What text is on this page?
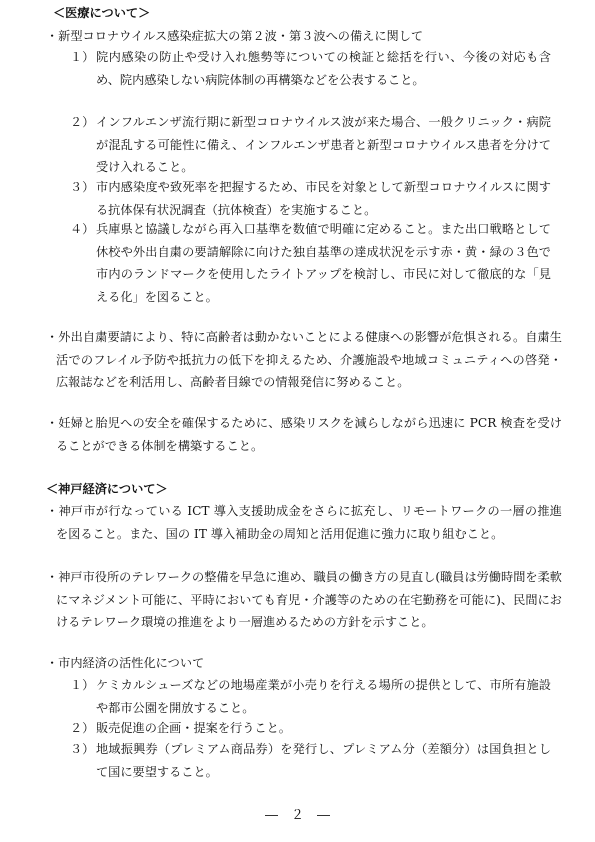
＜医療について＞
・新型コロナウイルス感染症拡大の第２波・第３波への備えに関して
１） 院内感染の防止や受け入れ態勢等についての検証と総括を行い、今後の対応も含め、院内感染しない病院体制の再構築などを公表すること。
２） インフルエンザ流行期に新型コロナウイルス波が来た場合、一般クリニック・病院が混乱する可能性に備え、インフルエンザ患者と新型コロナウイルス患者を分けて受け入れること。
３） 市内感染度や致死率を把握するため、市民を対象として新型コロナウイルスに関する抗体保有状況調査（抗体検査）を実施すること。
４） 兵庫県と協議しながら再入口基準を数値で明確に定めること。また出口戦略として休校や外出自粛の要請解除に向けた独自基準の達成状況を示す赤・黄・緑の３色で市内のランドマークを使用したライトアップを検討し、市民に対して徹底的な「見える化」を図ること。
・外出自粛要請により、特に高齢者は動かないことによる健康への影響が危惧される。自粛生活でのフレイル予防や抵抗力の低下を抑えるため、介護施設や地域コミュニティへの啓発・広報誌などを利活用し、高齢者目線での情報発信に努めること。
・妊婦と胎児への安全を確保するために、感染リスクを減らしながら迅速に PCR 検査を受けることができる体制を構築すること。
＜神戸経済について＞
・神戸市が行なっている ICT 導入支援助成金をさらに拡充し、リモートワークの一層の推進を図ること。また、国の IT 導入補助金の周知と活用促進に強力に取り組むこと。
・神戸市役所のテレワークの整備を早急に進め、職員の働き方の見直し(職員は労働時間を柔軟にマネジメント可能に、平時においても育児・介護等のための在宅勤務を可能に)、民間におけるテレワーク環境の推進をより一層進めるための方針を示すこと。
・市内経済の活性化について
１） ケミカルシューズなどの地場産業が小売りを行える場所の提供として、市所有施設や都市公園を開放すること。
２） 販売促進の企画・提案を行うこと。
３） 地域振興券（プレミアム商品券）を発行し、プレミアム分（差額分）は国負担として国に要望すること。
―　２　―
